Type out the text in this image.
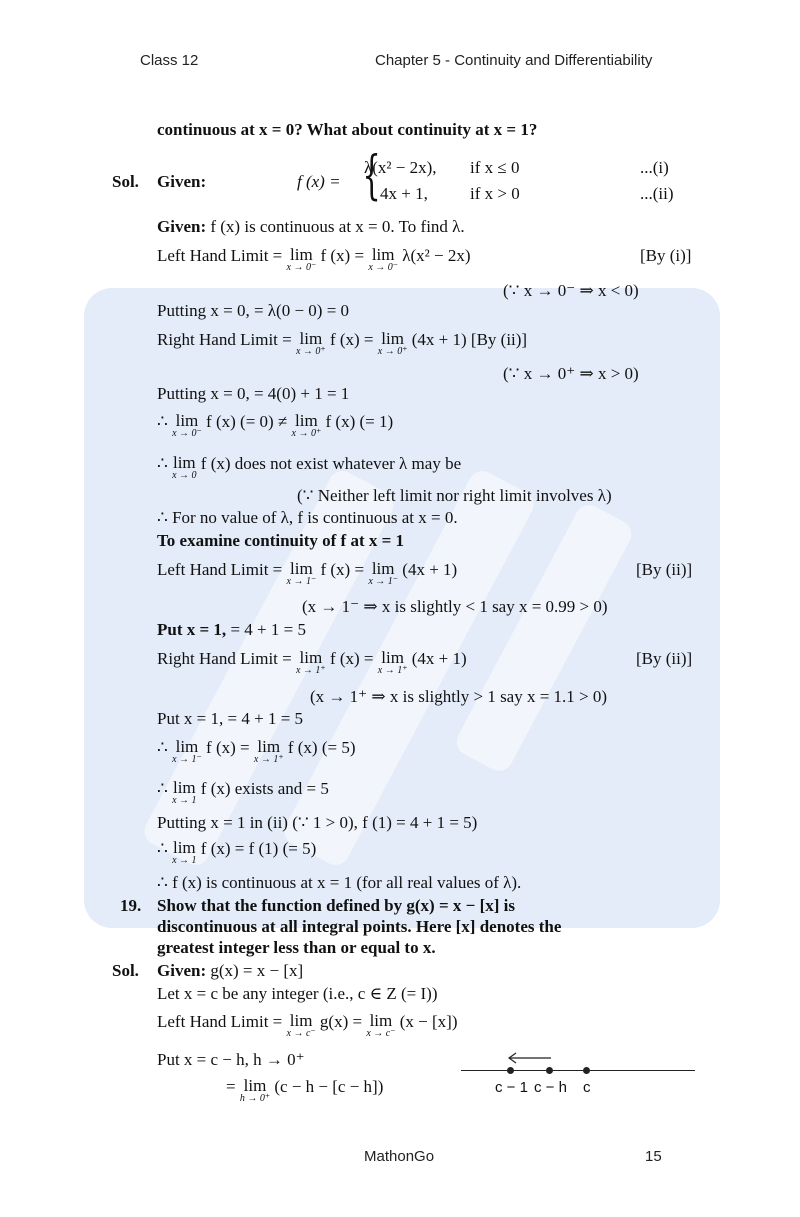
Class 12	Chapter 5 - Continuity and Differentiability
continuous at x = 0? What about continuity at x = 1?
Sol. Given:	f (x) = {
λ(x² − 2x), if x ≤ 0	...(i)
4x + 1, if x > 0	...(ii)
Given: f (x) is continuous at x = 0. To find λ.
Left Hand Limit = lim
x → 0⁻
f (x) = lim
x → 0⁻
λ(x² − 2x)	[By (i)]
(∵ x → 0⁻ ⇒ x < 0)
Putting x = 0, = λ(0 − 0) = 0
Right Hand Limit = lim
x → 0⁺
f (x) = lim
x → 0⁺
(4x + 1) [By (ii)]
(∵ x → 0⁺ ⇒ x > 0)
Putting x = 0, = 4(0) + 1 = 1
∴ lim
x → 0⁻
f (x) (= 0) ≠ lim
x → 0⁺
f (x) (= 1)
∴ lim
x → 0
f (x) does not exist whatever λ may be
(∵ Neither left limit nor right limit involves λ)
∴ For no value of λ, f is continuous at x = 0.
To examine continuity of f at x = 1
Left Hand Limit = lim
x → 1⁻
f (x) = lim
x → 1⁻
(4x + 1)	[By (ii)]
(x → 1⁻ ⇒ x is slightly < 1 say x = 0.99 > 0)
Put x = 1, = 4 + 1 = 5
Right Hand Limit = lim
x → 1⁺
f (x) = lim
x → 1⁺
(4x + 1)	[By (ii)]
(x → 1⁺ ⇒ x is slightly > 1 say x = 1.1 > 0)
Put x = 1, = 4 + 1 = 5
∴ lim
x → 1⁻
f (x) = lim
x → 1⁺
f (x) (= 5)
∴ lim
x → 1
f (x) exists and = 5
Putting x = 1 in (ii) (∵ 1 > 0), f (1) = 4 + 1 = 5)
∴ lim
x → 1
f (x) = f (1) (= 5)
∴ f (x) is continuous at x = 1 (for all real values of λ).
19. Show that the function defined by g(x) = x − [x] is
discontinuous at all integral points. Here [x] denotes the
greatest integer less than or equal to x.
Sol. Given: g(x) = x − [x]
Let x = c be any integer (i.e., c ∈ Z (= I))
Left Hand Limit = lim
x → c⁻
g(x) = lim
x → c⁻
(x − [x])
Put x = c − h, h → 0⁺
= lim
h → 0⁺
(c − h − [c − h])	c − 1 c − h c
MathonGo	15
